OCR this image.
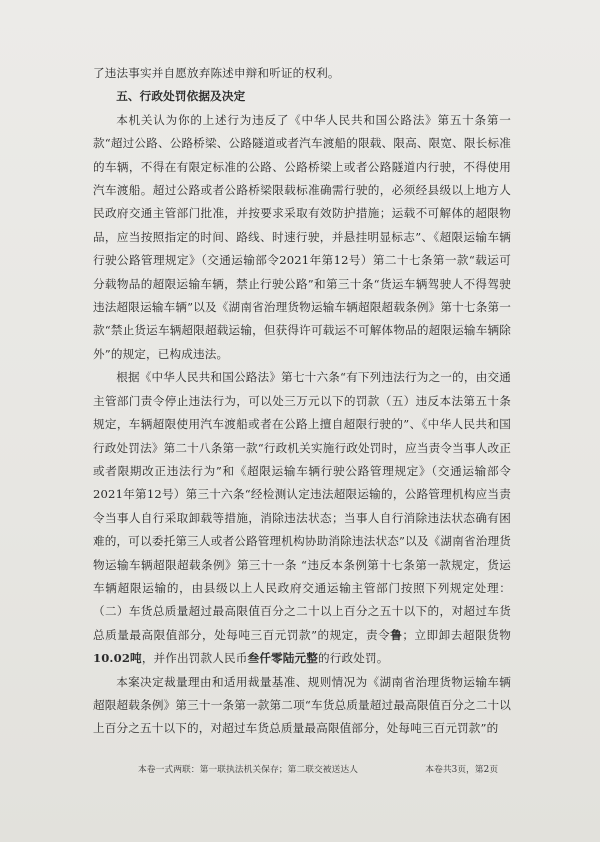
了违法事实并自愿放弃陈述申辩和听证的权利。

五、行政处罚依据及决定

本机关认为你的上述行为违反了《中华人民共和国公路法》第五十条第一款“超过公路、公路桥梁、公路隧道或者汽车渡船的限载、限高、限宽、限长标准的车辆，不得在有限定标准的公路、公路桥梁上或者公路隧道内行驶，不得使用汽车渡船。超过公路或者公路桥梁限载标准确需行驶的，必须经县级以上地方人民政府交通主管部门批准，并按要求采取有效防护措施；运载不可解体的超限物品，应当按照指定的时间、路线、时速行驶，并悬挂明显标志”、《超限运输车辆行驶公路管理规定》（交通运输部令2021年第12号）第二十七条第一款“载运可分载物品的超限运输车辆，禁止行驶公路”和第三十条“货运车辆驾驶人不得驾驶违法超限运输车辆”以及《湖南省治理货物运输车辆超限超载条例》第十七条第一款“禁止货运车辆超限超载运输，但获得许可载运不可解体物品的超限运输车辆除外”的规定，已构成违法。

根据《中华人民共和国公路法》第七十六条“有下列违法行为之一的，由交通主管部门责令停止违法行为，可以处三万元以下的罚款（五）违反本法第五十条规定，车辆超限使用汽车渡船或者在公路上擅自超限行驶的”、《中华人民共和国行政处罚法》第二十八条第一款“行政机关实施行政处罚时，应当责令当事人改正或者限期改正违法行为”和《超限运输车辆行驶公路管理规定》（交通运输部令2021年第12号）第三十六条“经检测认定违法超限运输的，公路管理机构应当责令当事人自行采取卸载等措施，消除违法状态；当事人自行消除违法状态确有困难的，可以委托第三人或者公路管理机构协助消除违法状态”以及《湖南省治理货物运输车辆超限超载条例》第三十一条 “违反本条例第十七条第一款规定，货运车辆超限运输的，由县级以上人民政府交通运输主管部门按照下列规定处理：（二）车货总质量超过最高限值百分之二十以上百分之五十以下的，对超过车货总质量最高限值部分，处每吨三百元罚款”的规定，责令鲁；立即卸去超限货物10.02吨，并作出罚款人民币叁仟零陆元整的行政处罚。

本案决定裁量理由和适用裁量基准、规则情况为《湖南省治理货物运输车辆超限超载条例》第三十一条第一款第二项“车货总质量超过最高限值百分之二十以上百分之五十以下的，对超过车货总质量最高限值部分，处每吨三百元罚款”的

本卷一式两联：第一联执法机关保存；第二联交被送达人	本卷共3页，第2页
